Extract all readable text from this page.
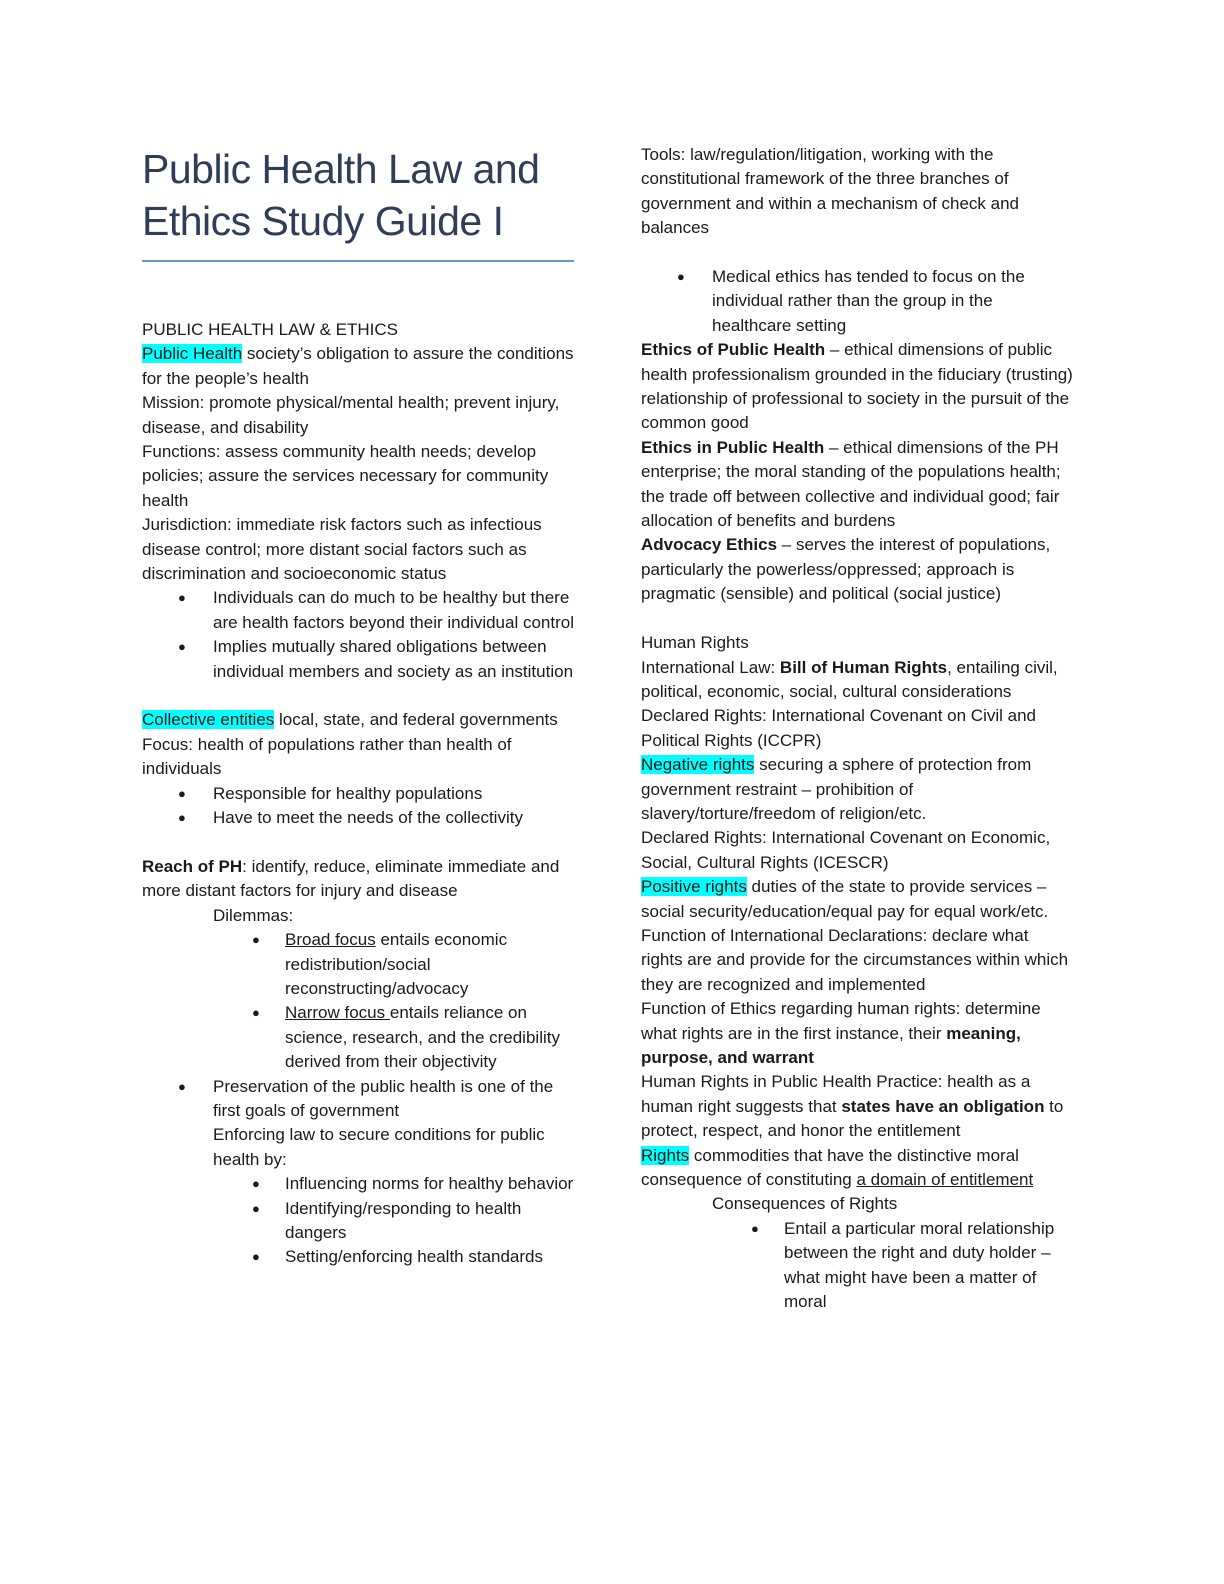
Public Health Law and Ethics Study Guide I

PUBLIC HEALTH LAW & ETHICS

Public Health society’s obligation to assure the conditions for the people’s health

Mission: promote physical/mental health; prevent injury, disease, and disability

Functions: assess community health needs; develop policies; assure the services necessary for community health

Jurisdiction: immediate risk factors such as infectious disease control; more distant social factors such as discrimination and socioeconomic status

● Individuals can do much to be healthy but there are health factors beyond their individual control
● Implies mutually shared obligations between individual members and society as an institution

Collective entities local, state, and federal governments

Focus: health of populations rather than health of individuals

● Responsible for healthy populations
● Have to meet the needs of the collectivity

Reach of PH: identify, reduce, eliminate immediate and more distant factors for injury and disease

Dilemmas:

● Broad focus entails economic redistribution/social reconstructing/advocacy
● Narrow focus entails reliance on science, research, and the credibility derived from their objectivity
● Preservation of the public health is one of the first goals of government

Enforcing law to secure conditions for public health by:

● Influencing norms for healthy behavior
● Identifying/responding to health dangers
● Setting/enforcing health standards

Tools: law/regulation/litigation, working with the constitutional framework of the three branches of government and within a mechanism of check and balances

● Medical ethics has tended to focus on the individual rather than the group in the healthcare setting

Ethics of Public Health – ethical dimensions of public health professionalism grounded in the fiduciary (trusting) relationship of professional to society in the pursuit of the common good

Ethics in Public Health – ethical dimensions of the PH enterprise; the moral standing of the populations health; the trade off between collective and individual good; fair allocation of benefits and burdens

Advocacy Ethics – serves the interest of populations, particularly the powerless/oppressed; approach is pragmatic (sensible) and political (social justice)

Human Rights

International Law: Bill of Human Rights, entailing civil, political, economic, social, cultural considerations

Declared Rights: International Covenant on Civil and Political Rights (ICCPR)

Negative rights securing a sphere of protection from government restraint – prohibition of slavery/torture/freedom of religion/etc.

Declared Rights: International Covenant on Economic, Social, Cultural Rights (ICESCR)

Positive rights duties of the state to provide services – social security/education/equal pay for equal work/etc.

Function of International Declarations: declare what rights are and provide for the circumstances within which they are recognized and implemented

Function of Ethics regarding human rights: determine what rights are in the first instance, their meaning, purpose, and warrant

Human Rights in Public Health Practice: health as a human right suggests that states have an obligation to protect, respect, and honor the entitlement

Rights commodities that have the distinctive moral consequence of constituting a domain of entitlement

Consequences of Rights

● Entail a particular moral relationship between the right and duty holder – what might have been a matter of moral
